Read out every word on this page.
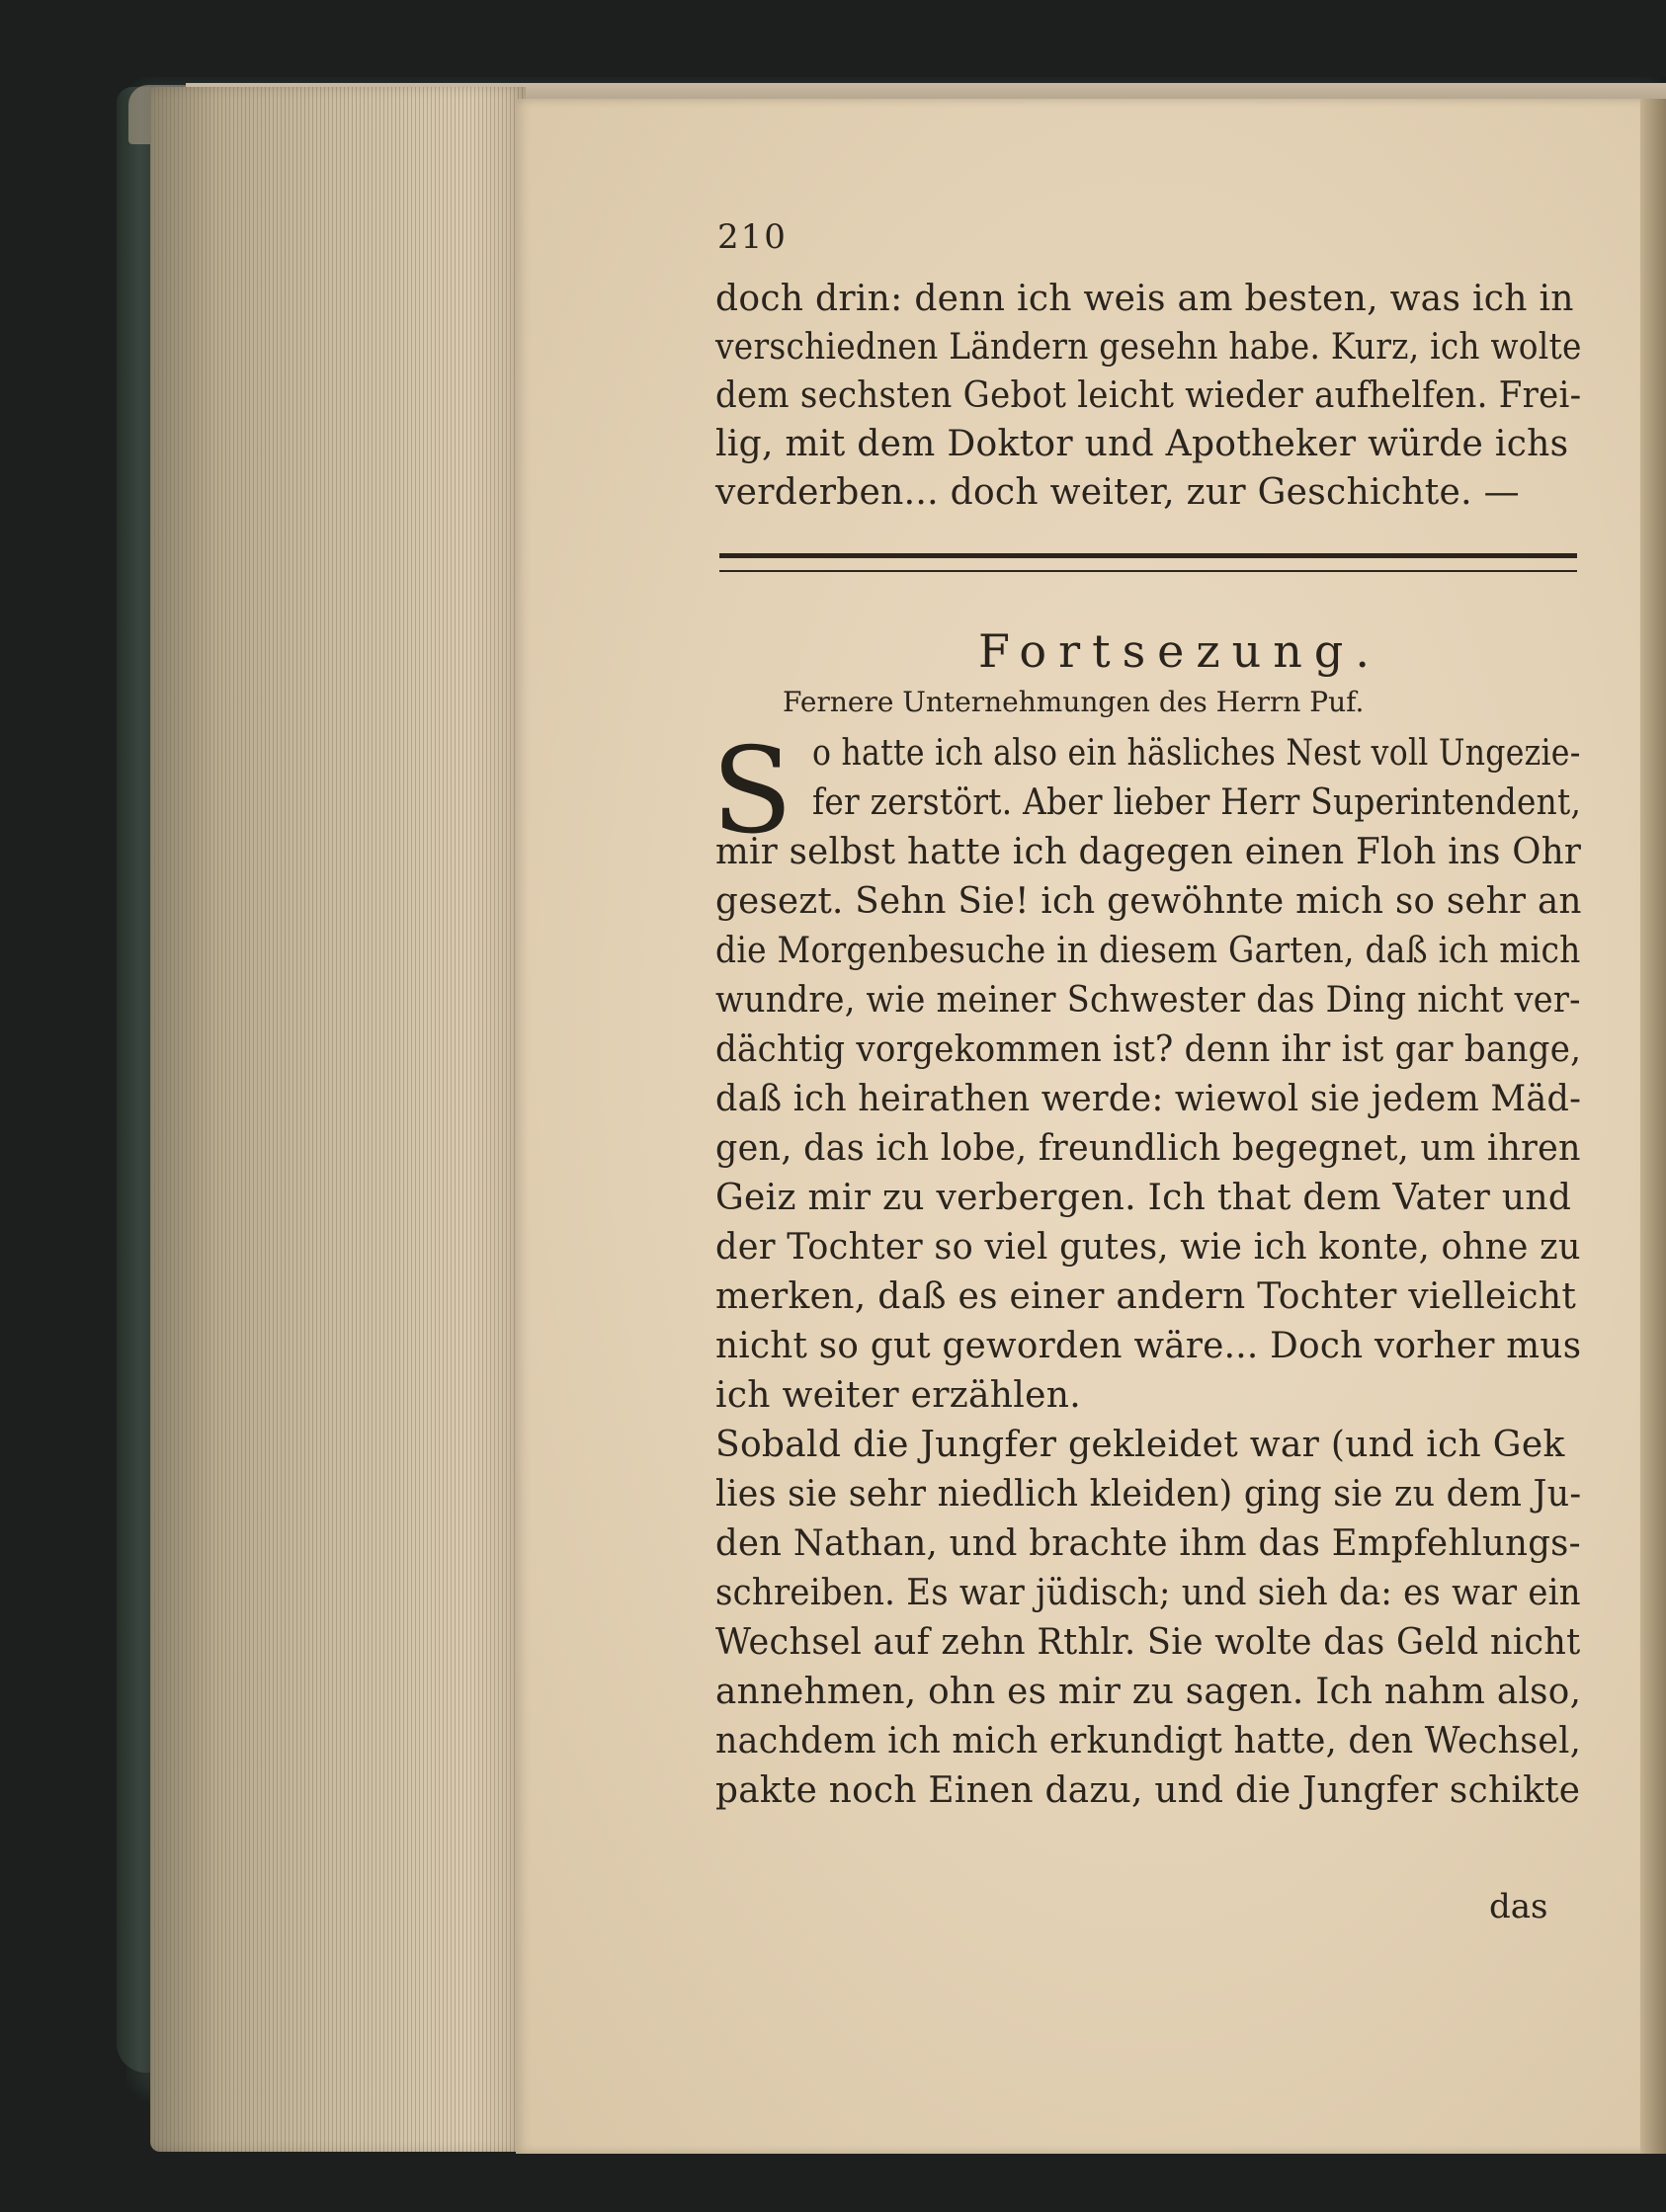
210
doch drin: denn ich weis am besten, was ich in
verschiednen Ländern gesehn habe. Kurz, ich wolte
dem sechsten Gebot leicht wieder aufhelfen. Frei-
lig, mit dem Doktor und Apotheker würde ichs
verderben... doch weiter, zur Geschichte. —
Fortsezung.
Fernere Unternehmungen des Herrn Puf.
S o hatte ich also ein häsliches Nest voll Ungezie-
fer zerstört. Aber lieber Herr Superintendent,
mir selbst hatte ich dagegen einen Floh ins Ohr
gesezt. Sehn Sie! ich gewöhnte mich so sehr an
die Morgenbesuche in diesem Garten, daß ich mich
wundre, wie meiner Schwester das Ding nicht ver-
dächtig vorgekommen ist? denn ihr ist gar bange,
daß ich heirathen werde: wiewol sie jedem Mäd-
gen, das ich lobe, freundlich begegnet, um ihren
Geiz mir zu verbergen. Ich that dem Vater und
der Tochter so viel gutes, wie ich konte, ohne zu
merken, daß es einer andern Tochter vielleicht
nicht so gut geworden wäre... Doch vorher mus
ich weiter erzählen.
Sobald die Jungfer gekleidet war (und ich Gek
lies sie sehr niedlich kleiden) ging sie zu dem Ju-
den Nathan, und brachte ihm das Empfehlungs-
schreiben. Es war jüdisch; und sieh da: es war ein
Wechsel auf zehn Rthlr. Sie wolte das Geld nicht
annehmen, ohn es mir zu sagen. Ich nahm also,
nachdem ich mich erkundigt hatte, den Wechsel,
pakte noch Einen dazu, und die Jungfer schikte
das
